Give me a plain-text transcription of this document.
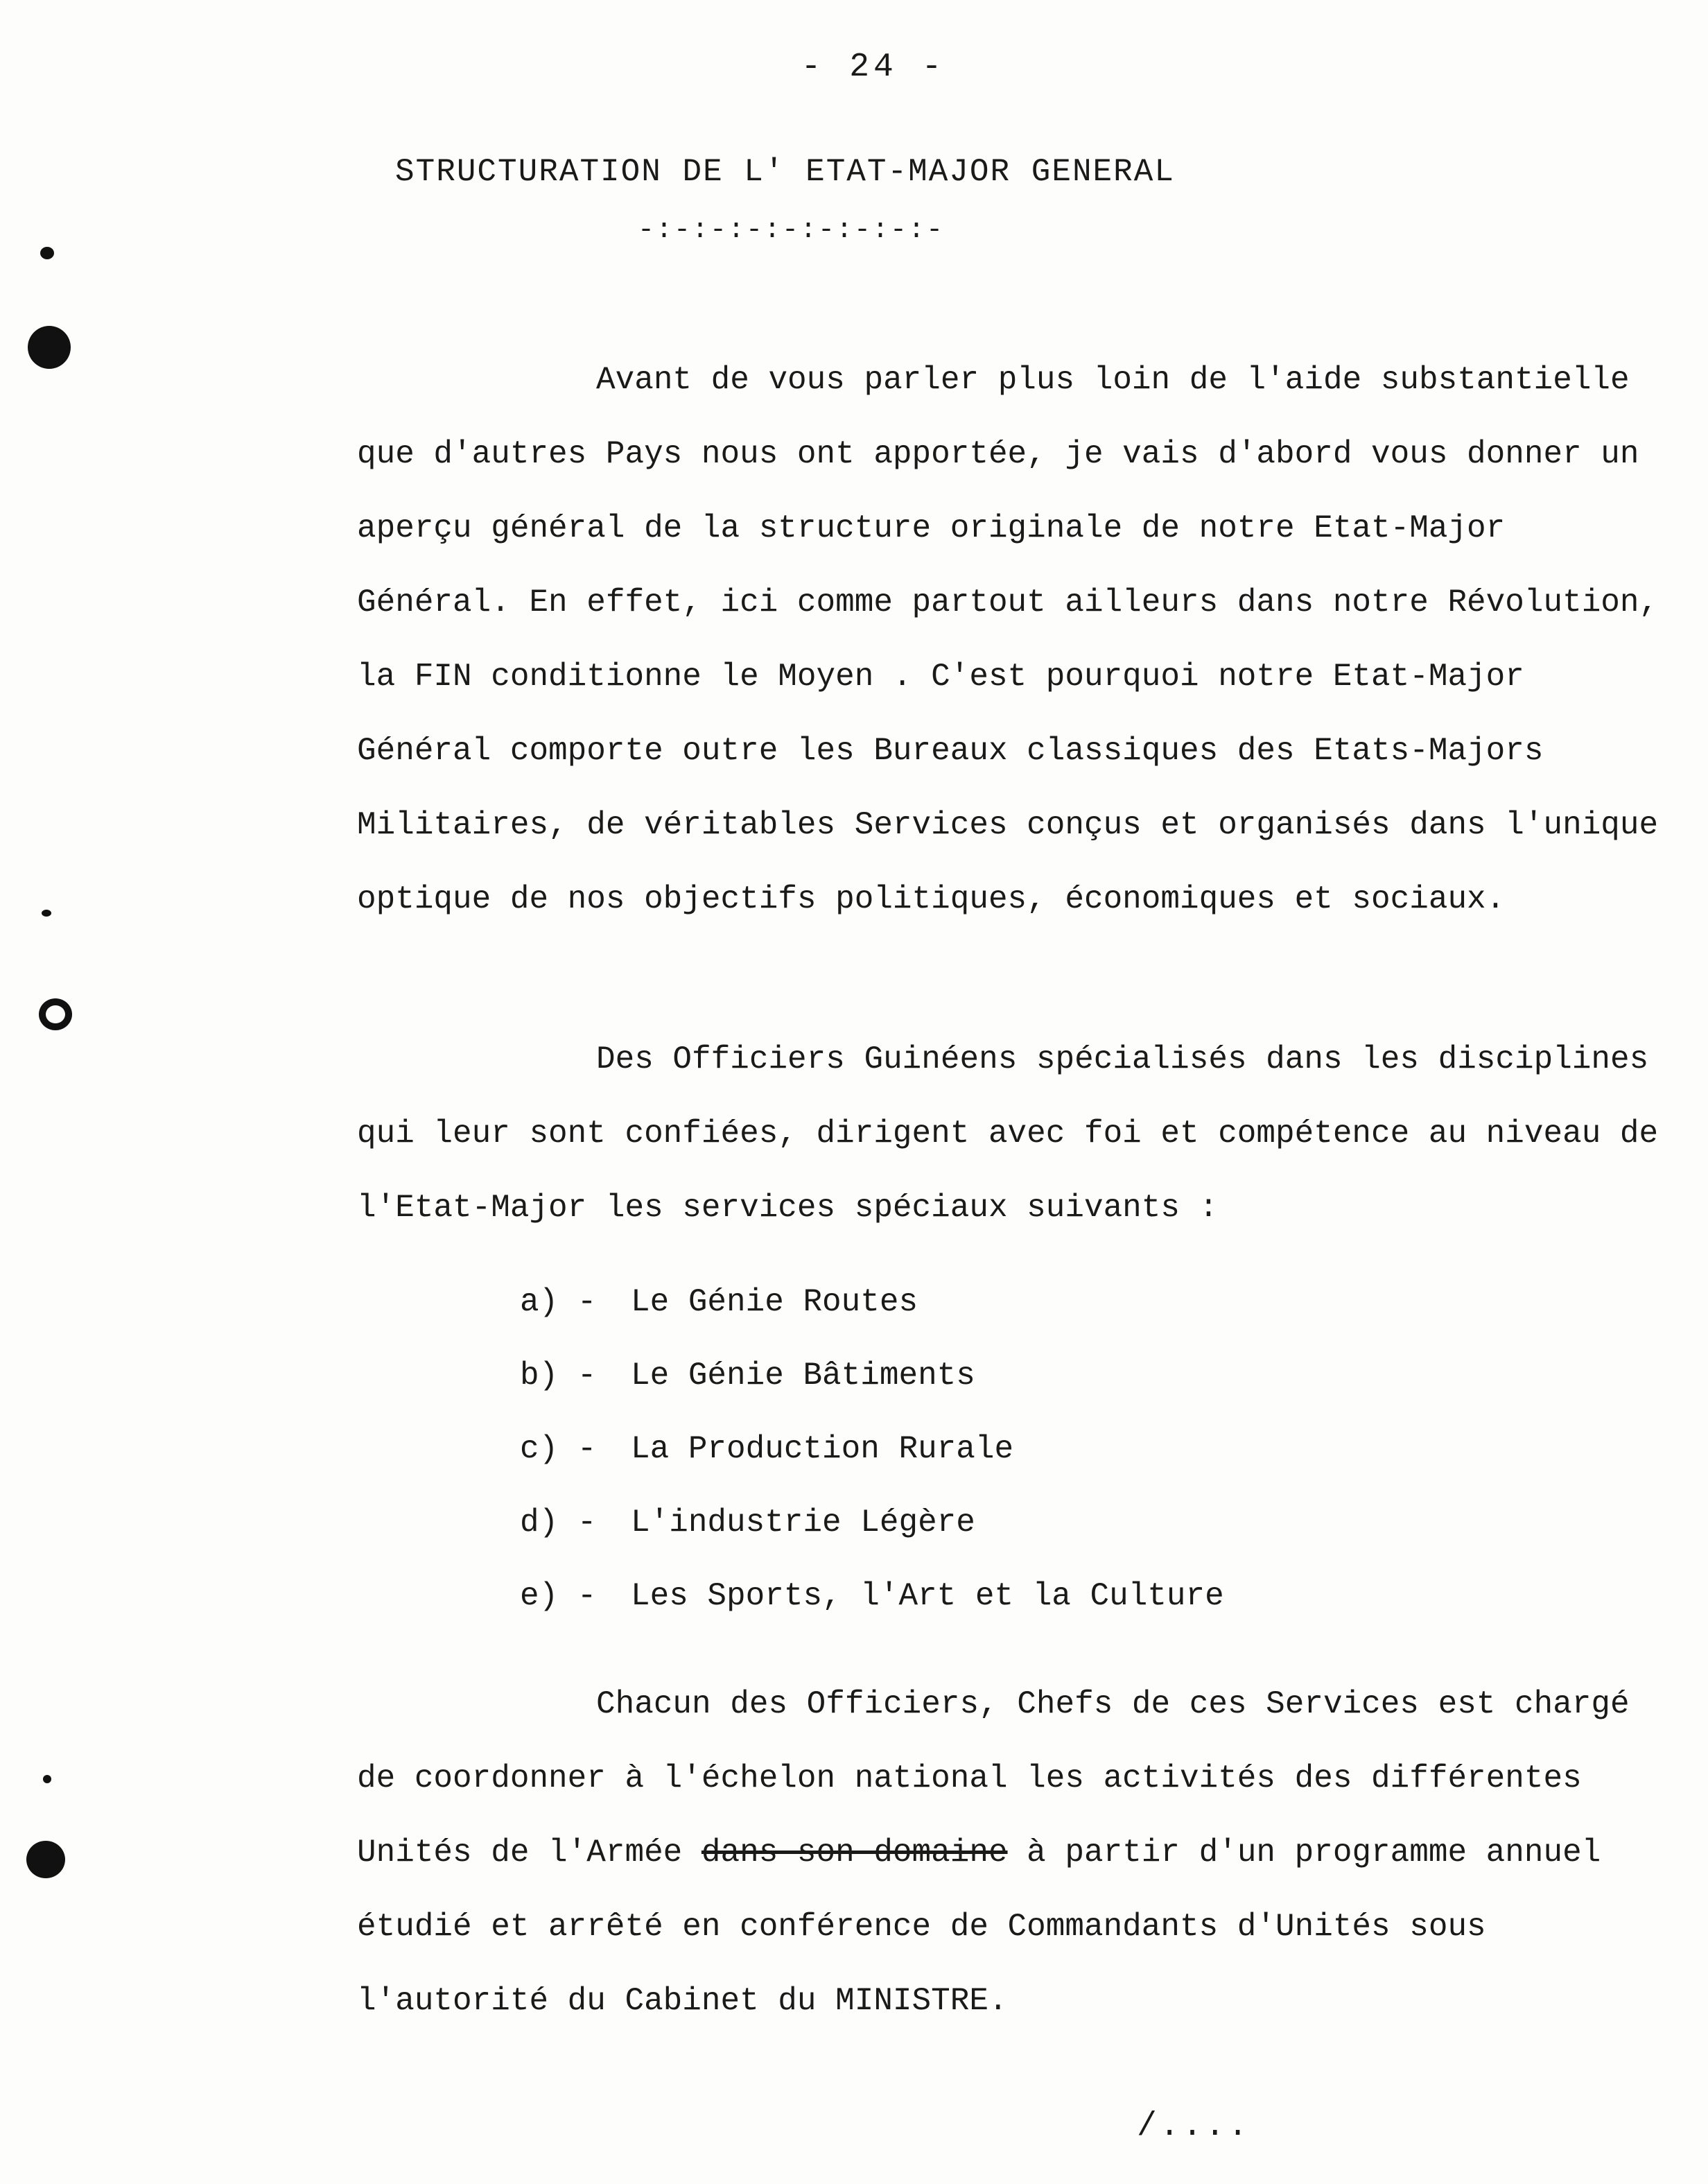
- 24 -
STRUCTURATION DE L' ETAT-MAJOR GENERAL
-:-:-:-:-:-:-:-:-

Avant de vous parler plus loin de l'aide substantielle que d'autres Pays nous ont apportée, je vais d'abord vous donner un aperçu général de la structure originale de notre Etat-Major Général. En effet, ici comme partout ailleurs dans notre Révolution, la FIN conditionne le Moyen . C'est pourquoi notre Etat-Major Général comporte outre les Bureaux classiques des Etats-Majors Militaires, de véritables Services conçus et organisés dans l'unique optique de nos objectifs politiques, économiques et sociaux.

Des Officiers Guinéens spécialisés dans les disciplines qui leur sont confiées, dirigent avec foi et compétence au niveau de l'Etat-Major les services spéciaux suivants :

a) - Le Génie Routes
b) - Le Génie Bâtiments
c) - La Production Rurale
d) - L'industrie Légère
e) - Les Sports, l'Art et la Culture

Chacun des Officiers, Chefs de ces Services est chargé de coordonner à l'échelon national les activités des différentes Unités de l'Armée dans son domaine à partir d'un programme annuel étudié et arrêté en conférence de Commandants d'Unités sous l'autorité du Cabinet du MINISTRE.

/....
